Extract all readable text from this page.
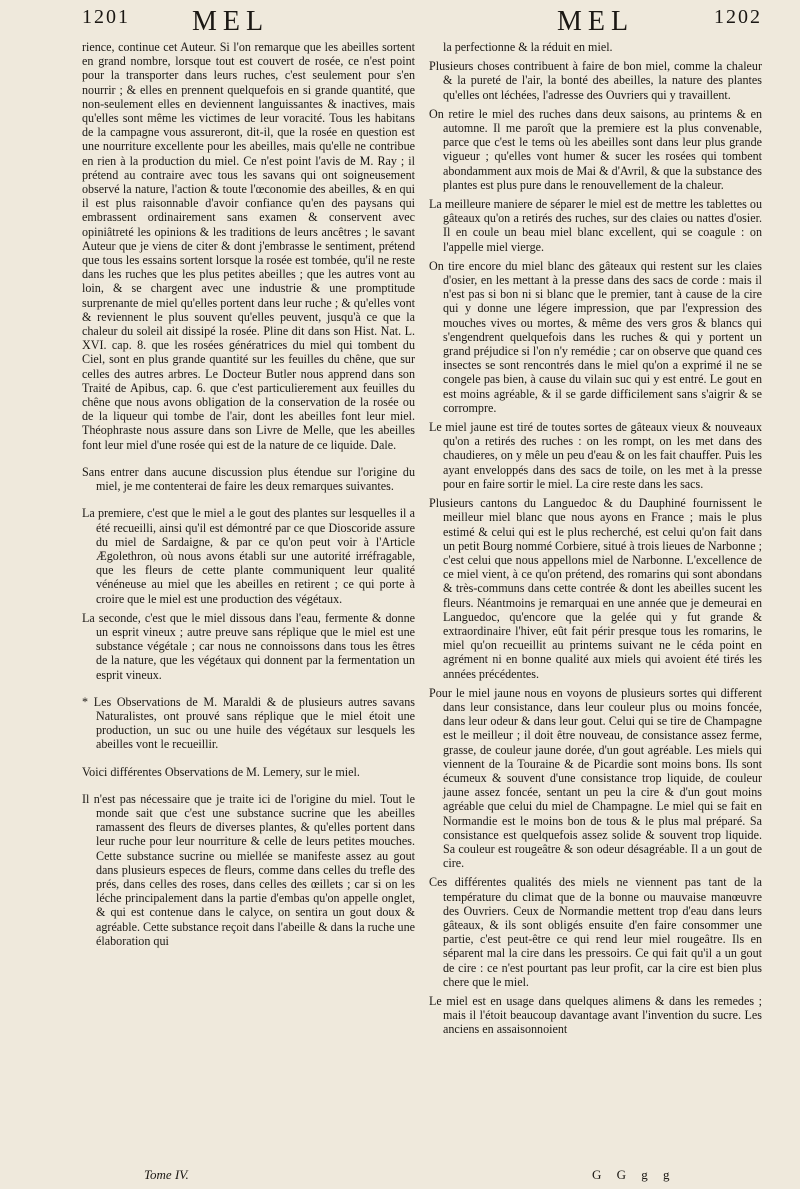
1201 MEL	MEL	1202

rience, continue cet Auteur. Si l'on remarque que les abeilles sortent en grand nombre, lorsque tout est couvert de rosée, ce n'est point pour la transporter dans leurs ruches, c'est seulement pour s'en nourrir ; & elles en prennent quelquefois en si grande quantité, que non-seulement elles en deviennent languissantes & inactives, mais qu'elles sont même les victimes de leur voracité. Tous les habitans de la campagne vous assureront, dit-il, que la rosée en question est une nourriture excellente pour les abeilles, mais qu'elle ne contribue en rien à la production du miel. Ce n'est point l'avis de M. Ray ; il prétend au contraire avec tous les savans qui ont soigneusement observé la nature, l'action & toute l'œconomie des abeilles, & en qui il est plus raisonnable d'avoir confiance qu'en des paysans qui embrassent ordinairement sans examen & conservent avec opiniâtreté les opinions & les traditions de leurs ancêtres ; le savant Auteur que je viens de citer & dont j'embrasse le sentiment, prétend que tous les essains sortent lorsque la rosée est tombée, qu'il ne reste dans les ruches que les plus petites abeilles ; que les autres vont au loin, & se chargent avec une industrie & une promptitude surprenante de miel qu'elles portent dans leur ruche ; & qu'elles vont & reviennent le plus souvent qu'elles peuvent, jusqu'à ce que la chaleur du soleil ait dissipé la rosée. Pline dit dans son Hist. Nat. L. XVI. cap. 8. que les rosées génératrices du miel qui tombent du Ciel, sont en plus grande quantité sur les feuilles du chêne, que sur celles des autres arbres. Le Docteur Butler nous apprend dans son Traité de Apibus, cap. 6. que c'est particulierement aux feuilles du chêne que nous avons obligation de la conservation de la rosée ou de la liqueur qui tombe de l'air, dont les abeilles font leur miel. Théophraste nous assure dans son Livre de Melle, que les abeilles font leur miel d'une rosée qui est de la nature de ce liquide. Dale.

Sans entrer dans aucune discussion plus étendue sur l'origine du miel, je me contenterai de faire les deux remarques suivantes.

La premiere, c'est que le miel a le gout des plantes sur lesquelles il a été recueilli, ainsi qu'il est démontré par ce que Dioscoride assure du miel de Sardaigne, & par ce qu'on peut voir à l'Article Ægolethron, où nous avons établi sur une autorité irréfragable, que les fleurs de cette plante communiquent leur qualité vénéneuse au miel que les abeilles en retirent ; ce qui porte à croire que le miel est une production des végétaux.

La seconde, c'est que le miel dissous dans l'eau, fermente & donne un esprit vineux ; autre preuve sans réplique que le miel est une substance végétale ; car nous ne connoissons dans tous les êtres de la nature, que les végétaux qui donnent par la fermentation un esprit vineux.

* Les Observations de M. Maraldi & de plusieurs autres savans Naturalistes, ont prouvé sans réplique que le miel étoit une production, un suc ou une huile des végétaux sur lesquels les abeilles vont le recueillir.

Voici différentes Observations de M. Lemery, sur le miel.

Il n'est pas nécessaire que je traite ici de l'origine du miel. Tout le monde sait que c'est une substance sucrine que les abeilles ramassent des fleurs de diverses plantes, & qu'elles portent dans leur ruche pour leur nourriture & celle de leurs petites mouches. Cette substance sucrine ou miellée se manifeste assez au gout dans plusieurs especes de fleurs, comme dans celles du trefle des prés, dans celles des roses, dans celles des œillets ; car si on les léche principalement dans la partie d'embas qu'on appelle onglet, & qui est contenue dans le calyce, on sentira un gout doux & agréable. Cette substance reçoit dans l'abeille & dans la ruche une élaboration qui

la perfectionne & la réduit en miel.

Plusieurs choses contribuent à faire de bon miel, comme la chaleur & la pureté de l'air, la bonté des abeilles, la nature des plantes qu'elles ont léchées, l'adresse des Ouvriers qui y travaillent.

On retire le miel des ruches dans deux saisons, au printems & en automne. Il me paroît que la premiere est la plus convenable, parce que c'est le tems où les abeilles sont dans leur plus grande vigueur ; qu'elles vont humer & sucer les rosées qui tombent abondamment aux mois de Mai & d'Avril, & que la substance des plantes est plus pure dans le renouvellement de la chaleur.

La meilleure maniere de séparer le miel est de mettre les tablettes ou gâteaux qu'on a retirés des ruches, sur des claies ou nattes d'osier. Il en coule un beau miel blanc excellent, qui se coagule : on l'appelle miel vierge.

On tire encore du miel blanc des gâteaux qui restent sur les claies d'osier, en les mettant à la presse dans des sacs de corde : mais il n'est pas si bon ni si blanc que le premier, tant à cause de la cire qui y donne une légere impression, que par l'expression des mouches vives ou mortes, & même des vers gros & blancs qui s'engendrent quelquefois dans les ruches & qui y portent un grand préjudice si l'on n'y remédie ; car on observe que quand ces insectes se sont rencontrés dans le miel qu'on a exprimé il ne se congele pas bien, à cause du vilain suc qui y est entré. Le gout en est moins agréable, & il se garde difficilement sans s'aigrir & se corrompre.

Le miel jaune est tiré de toutes sortes de gâteaux vieux & nouveaux qu'on a retirés des ruches : on les rompt, on les met dans des chaudieres, on y mêle un peu d'eau & on les fait chauffer. Puis les ayant enveloppés dans des sacs de toile, on les met à la presse pour en faire sortir le miel. La cire reste dans les sacs.

Plusieurs cantons du Languedoc & du Dauphiné fournissent le meilleur miel blanc que nous ayons en France ; mais le plus estimé & celui qui est le plus recherché, est celui qu'on fait dans un petit Bourg nommé Corbiere, situé à trois lieues de Narbonne ; c'est celui que nous appellons miel de Narbonne. L'excellence de ce miel vient, à ce qu'on prétend, des romarins qui sont abondans & très-communs dans cette contrée & dont les abeilles sucent les fleurs. Néantmoins je remarquai en une année que je demeurai en Languedoc, qu'encore que la gelée qui y fut grande & extraordinaire l'hiver, eût fait périr presque tous les romarins, le miel qu'on recueillit au printems suivant ne le céda point en agrément ni en bonne qualité aux miels qui avoient été tirés les années précédentes.

Pour le miel jaune nous en voyons de plusieurs sortes qui different dans leur consistance, dans leur couleur plus ou moins foncée, dans leur odeur & dans leur gout. Celui qui se tire de Champagne est le meilleur ; il doit être nouveau, de consistance assez ferme, grasse, de couleur jaune dorée, d'un gout agréable. Les miels qui viennent de la Touraine & de Picardie sont moins bons. Ils sont écumeux & souvent d'une consistance trop liquide, de couleur jaune assez foncée, sentant un peu la cire & d'un gout moins agréable que celui du miel de Champagne. Le miel qui se fait en Normandie est le moins bon de tous & le plus mal préparé. Sa consistance est quelquefois assez solide & souvent trop liquide. Sa couleur est rougeâtre & son odeur désagréable. Il a un gout de cire.

Ces différentes qualités des miels ne viennent pas tant de la température du climat que de la bonne ou mauvaise manœuvre des Ouvriers. Ceux de Normandie mettent trop d'eau dans leurs gâteaux, & ils sont obligés ensuite d'en faire consommer une partie, c'est peut-être ce qui rend leur miel rougeâtre. Ils en séparent mal la cire dans les pressoirs. Ce qui fait qu'il a un gout de cire : ce n'est pourtant pas leur profit, car la cire est bien plus chere que le miel.

Le miel est en usage dans quelques alimens & dans les remedes ; mais il l'étoit beaucoup davantage avant l'invention du sucre. Les anciens en assaisonnoient

Tome IV.	G G g g
